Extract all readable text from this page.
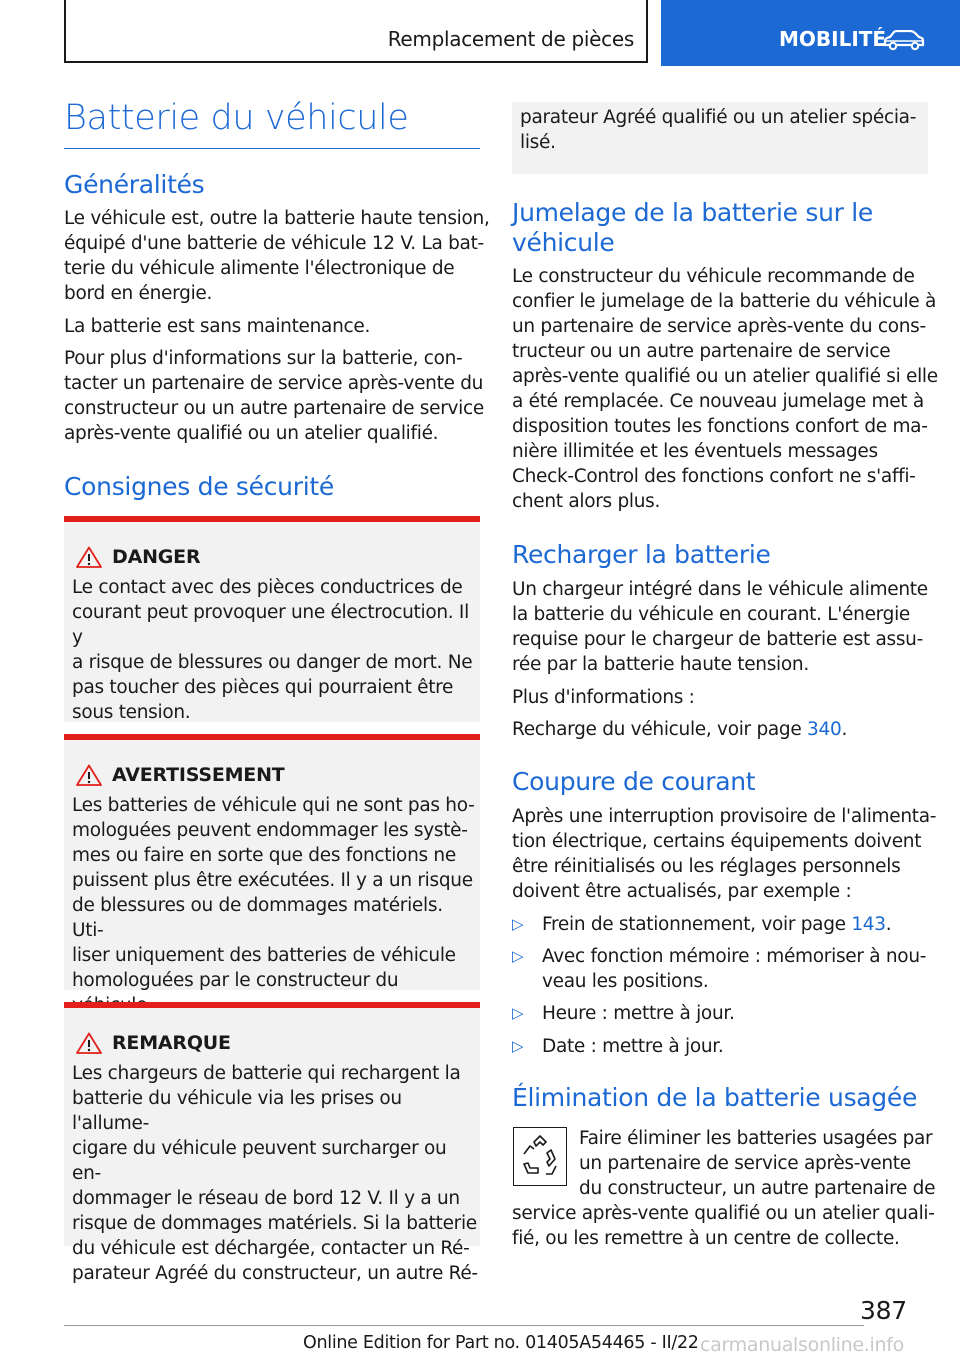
Remplacement de pièces	MOBILITÉ
Batterie du véhicule
Généralités
Le véhicule est, outre la batterie haute tension,
équipé d'une batterie de véhicule 12 V. La bat-
terie du véhicule alimente l'électronique de
bord en énergie.
La batterie est sans maintenance.
Pour plus d'informations sur la batterie, con-
tacter un partenaire de service après-vente du
constructeur ou un autre partenaire de service
après-vente qualifié ou un atelier qualifié.
Consignes de sécurité
DANGER
Le contact avec des pièces conductrices de
courant peut provoquer une électrocution. Il y
a risque de blessures ou danger de mort. Ne
pas toucher des pièces qui pourraient être
sous tension.
AVERTISSEMENT
Les batteries de véhicule qui ne sont pas ho-
mologuées peuvent endommager les systè-
mes ou faire en sorte que des fonctions ne
puissent plus être exécutées. Il y a un risque
de blessures ou de dommages matériels. Uti-
liser uniquement des batteries de véhicule
homologuées par le constructeur du
REMARQUE
Les chargeurs de batterie qui rechargent la
batterie du véhicule via les prises ou l'allume-
cigare du véhicule peuvent surcharger ou en-
dommager le réseau de bord 12 V. Il y a un
risque de dommages matériels. Si la batterie
du véhicule est déchargée, contacter un Ré-
parateur Agréé du constructeur, un autre Ré-
parateur Agréé qualifié ou un atelier spécia-
lisé.
Jumelage de la batterie sur le
véhicule
Le constructeur du véhicule recommande de
confier le jumelage de la batterie du véhicule à
un partenaire de service après-vente du cons-
tructeur ou un autre partenaire de service
après-vente qualifié ou un atelier qualifié si elle
a été remplacée. Ce nouveau jumelage met à
disposition toutes les fonctions confort de ma-
nière illimitée et les éventuels messages
Check-Control des fonctions confort ne s'affi-
chent alors plus.
Recharger la batterie
Un chargeur intégré dans le véhicule alimente
la batterie du véhicule en courant. L'énergie
requise pour le chargeur de batterie est assu-
rée par la batterie haute tension.
Plus d'informations :
Recharge du véhicule, voir page 340.
Coupure de courant
Après une interruption provisoire de l'alimenta-
tion électrique, certains équipements doivent
être réinitialisés ou les réglages personnels
doivent être actualisés, par exemple :
▷ Frein de stationnement, voir page 143.
▷ Avec fonction mémoire : mémoriser à nou-
veau les positions.
▷ Heure : mettre à jour.
▷ Date : mettre à jour.
Élimination de la batterie usagée
Faire éliminer les batteries usagées par
un partenaire de service après-vente
du constructeur, un autre partenaire de
service après-vente qualifié ou un atelier quali-
fié, ou les remettre à un centre de collecte.
387
Online Edition for Part no. 01405A54465 - II/22 carmanualsonline.info
